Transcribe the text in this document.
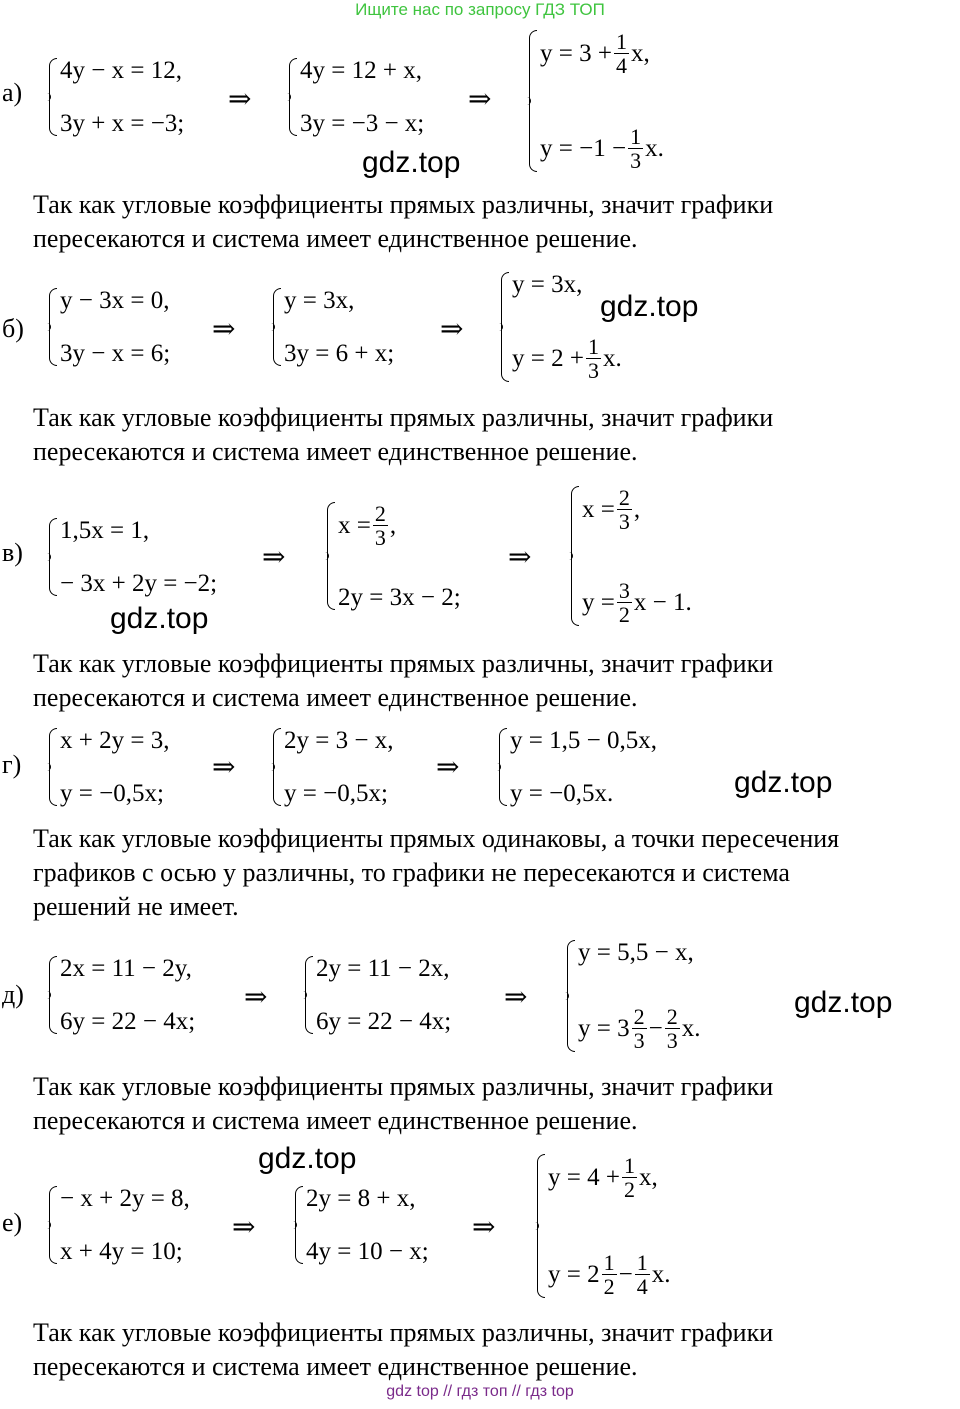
Ищите нас по запросу ГДЗ ТОП
а)
4y − x = 12,
3y + x = −3;
⇒
4y = 12 + x,
3y = −3 − x;
⇒
$y = 3 + \frac{1}{4} x$,
$y = -1 - \frac{1}{3} x$.
gdz.top
Так как угловые коэффициенты прямых различны, значит графики
пересекаются и система имеет единственное решение.
б)
y − 3x = 0,
3y − x = 6;
⇒
y = 3x,
3y = 6 + x;
⇒
y = 3x,
$y = 2 + \frac{1}{3} x$.
gdz.top
Так как угловые коэффициенты прямых различны, значит графики
пересекаются и система имеет единственное решение.
в)
1,5x = 1,
− 3x + 2y = −2;
⇒
$x = \frac{2}{3}$ ,
2y = 3x − 2;
⇒
$x = \frac{2}{3}$ ,
$y = \frac{3}{2}$ x − 1.
gdz.top
Так как угловые коэффициенты прямых различны, значит графики
пересекаются и система имеет единственное решение.
г)
x + 2y = 3,
y = −0,5x;
⇒
2y = 3 − x,
y = −0,5x;
⇒
y = 1,5 − 0,5x,
y = −0,5x.	gdz.top
Так как угловые коэффициенты прямых одинаковы, а точки пересечения
графиков с осью y различны, то графики не пересекаются и система
решений не имеет.
д)
2x = 11 − 2y,
6y = 22 − 4x;
⇒
2y = 11 − 2x,
6y = 22 − 4x;
⇒
y = 5,5 − x,
$y = 3 \frac{2}{3} - \frac{2}{3} x$.
gdz.top
Так как угловые коэффициенты прямых различны, значит графики
пересекаются и система имеет единственное решение.
gdz.top
е)
− x + 2y = 8,
x + 4y = 10;
⇒
2y = 8 + x,
4y = 10 − x;
⇒
$y = 4 + \frac{1}{2} x$,
$y = 2 \frac{1}{2} - \frac{1}{4} x$.
Так как угловые коэффициенты прямых различны, значит графики
пересекаются и система имеет единственное решение.
gdz top // гдз топ // гдз top
